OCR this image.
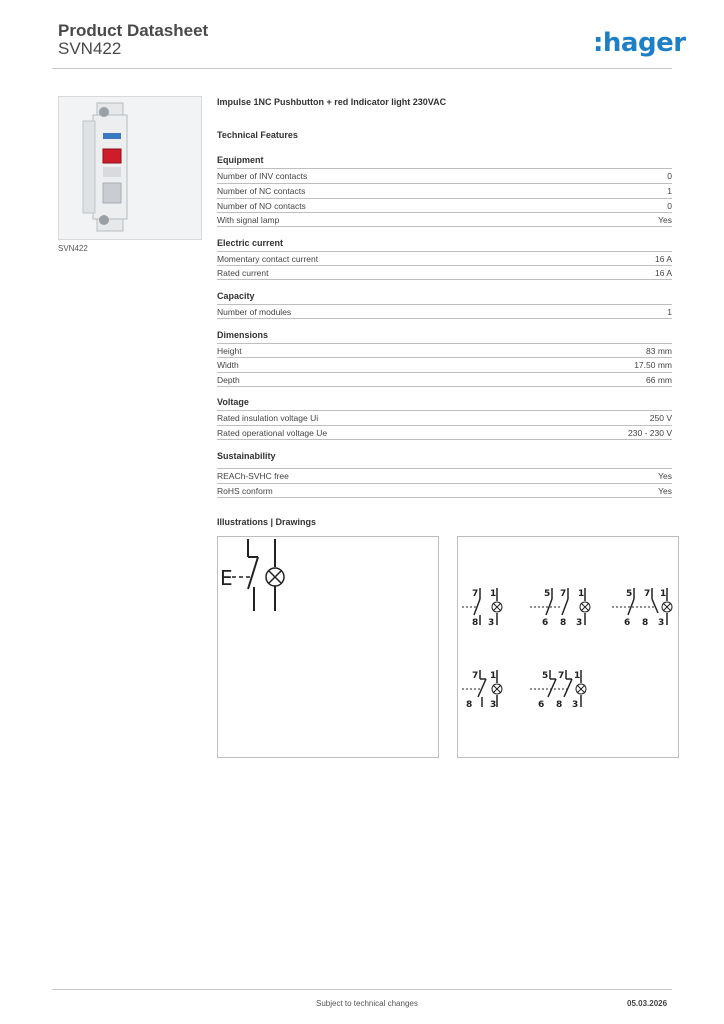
Product Datasheet
SVN422	:hager
SVN422
Impulse 1NC Pushbutton + red Indicator light 230VAC
Technical Features
Equipment
Number of INV contacts	0
Number of NC contacts	1
Number of NO contacts	0
With signal lamp	Yes
Electric current
Momentary contact current	16 A
Rated current	16 A
Capacity
Number of modules	1
Dimensions
Height	83 mm
Width	17.50 mm
Depth	66 mm
Voltage
Rated insulation voltage Ui	250 V
Rated operational voltage Ue	230 - 230 V
Sustainability
REACh-SVHC free	Yes
RoHS conform	Yes
Illustrations | Drawings
E
7 1
8 3
5 7 1
6 8 3
5 7 1
6 8 3
7 1
8 3
5 7 1
6 8 3
Subject to technical changes	05.03.2026
